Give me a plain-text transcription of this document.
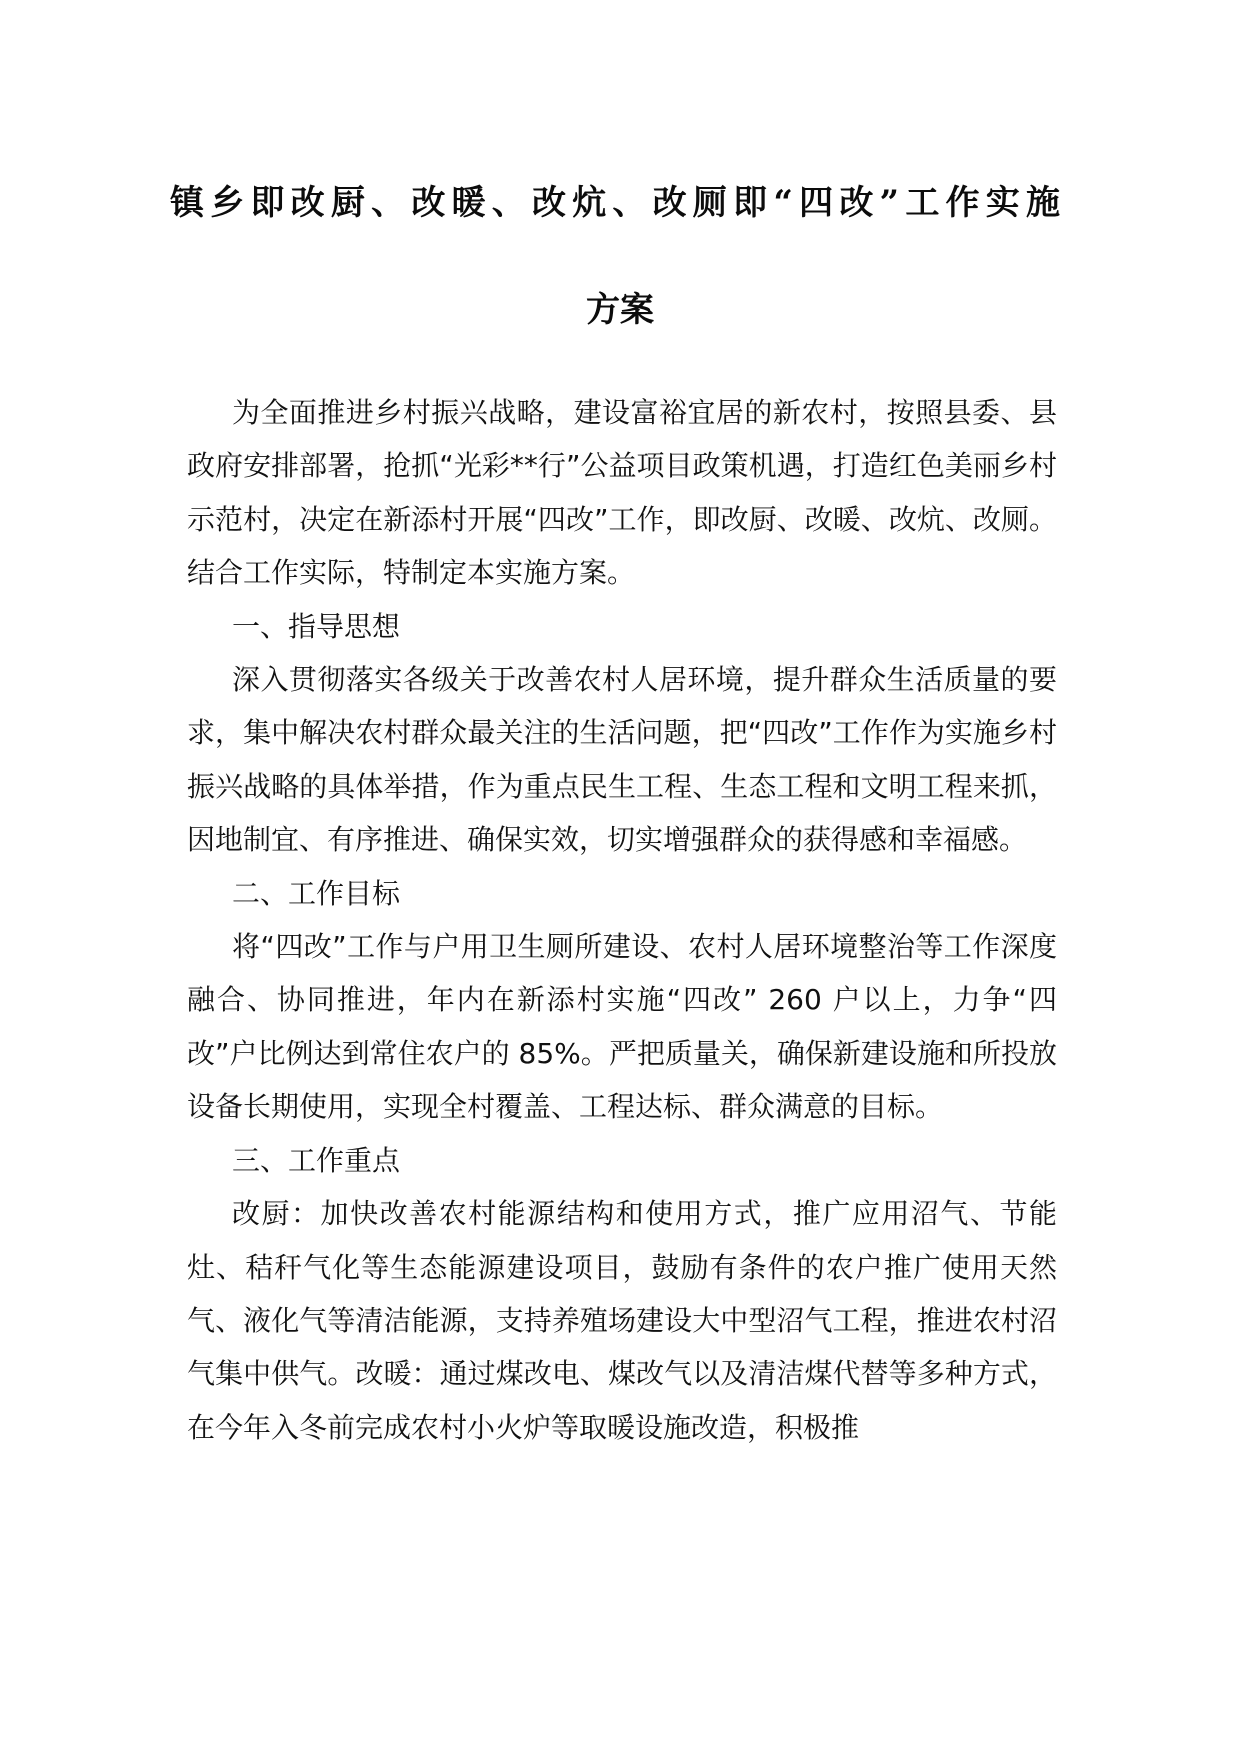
镇乡即改厨、改暖、改炕、改厕即“四改”工作实施
方案

为全面推进乡村振兴战略，建设富裕宜居的新农村，按照县委、县政府安排部署，抢抓“光彩**行”公益项目政策机遇，打造红色美丽乡村示范村，决定在新添村开展“四改”工作，即改厨、改暖、改炕、改厕。结合工作实际，特制定本实施方案。

一、指导思想

深入贯彻落实各级关于改善农村人居环境，提升群众生活质量的要求，集中解决农村群众最关注的生活问题，把“四改”工作作为实施乡村振兴战略的具体举措，作为重点民生工程、生态工程和文明工程来抓，因地制宜、有序推进、确保实效，切实增强群众的获得感和幸福感。

二、工作目标

将“四改”工作与户用卫生厕所建设、农村人居环境整治等工作深度融合、协同推进，年内在新添村实施“四改” 260 户以上，力争“四改”户比例达到常住农户的 85%。严把质量关，确保新建设施和所投放设备长期使用，实现全村覆盖、工程达标、群众满意的目标。

三、工作重点

改厨：加快改善农村能源结构和使用方式，推广应用沼气、节能灶、秸秆气化等生态能源建设项目，鼓励有条件的农户推广使用天然气、液化气等清洁能源，支持养殖场建设大中型沼气工程，推进农村沼气集中供气。改暖：通过煤改电、煤改气以及清洁煤代替等多种方式，在今年入冬前完成农村小火炉等取暖设施改造，积极推
